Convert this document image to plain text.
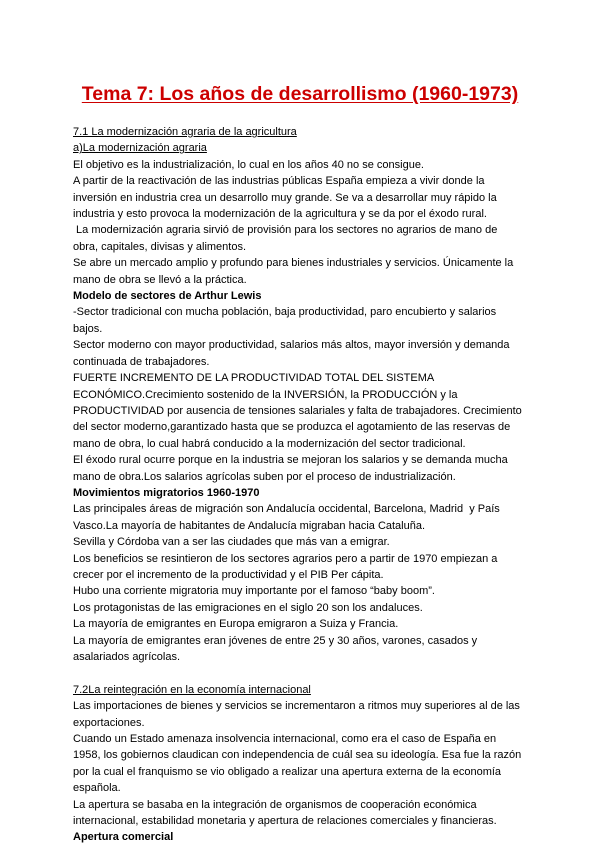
Tema 7: Los años de desarrollismo (1960-1973)

7.1 La modernización agraria de la agricultura

a)La modernización agraria

El objetivo es la industrialización, lo cual en los años 40 no se consigue.

A partir de la reactivación de las industrias públicas España empieza a vivir donde la

inversión en industria crea un desarrollo muy grande. Se va a desarrollar muy rápido la

industria y esto provoca la modernización de la agricultura y se da por el éxodo rural.

La modernización agraria sirvió de provisión para los sectores no agrarios de mano de

obra, capitales, divisas y alimentos.

Se abre un mercado amplio y profundo para bienes industriales y servicios. Únicamente la

mano de obra se llevó a la práctica.

Modelo de sectores de Arthur Lewis

-Sector tradicional con mucha población, baja productividad, paro encubierto y salarios

bajos.

Sector moderno con mayor productividad, salarios más altos, mayor inversión y demanda

continuada de trabajadores.

FUERTE INCREMENTO DE LA PRODUCTIVIDAD TOTAL DEL SISTEMA

ECONÓMICO.Crecimiento sostenido de la INVERSIÓN, la PRODUCCIÓN y la

PRODUCTIVIDAD por ausencia de tensiones salariales y falta de trabajadores. Crecimiento

del sector moderno,garantizado hasta que se produzca el agotamiento de las reservas de

mano de obra, lo cual habrá conducido a la modernización del sector tradicional.

El éxodo rural ocurre porque en la industria se mejoran los salarios y se demanda mucha

mano de obra.Los salarios agrícolas suben por el proceso de industrialización.

Movimientos migratorios 1960-1970

Las principales áreas de migración son Andalucía occidental, Barcelona, Madrid  y País

Vasco.La mayoría de habitantes de Andalucía migraban hacia Cataluña.

Sevilla y Córdoba van a ser las ciudades que más van a emigrar.

Los beneficios se resintieron de los sectores agrarios pero a partir de 1970 empiezan a

crecer por el incremento de la productividad y el PIB Per cápita.

Hubo una corriente migratoria muy importante por el famoso “baby boom”.

Los protagonistas de las emigraciones en el siglo 20 son los andaluces.

La mayoría de emigrantes en Europa emigraron a Suiza y Francia.

La mayoría de emigrantes eran jóvenes de entre 25 y 30 años, varones, casados y

asalariados agrícolas.

7.2La reintegración en la economía internacional

Las importaciones de bienes y servicios se incrementaron a ritmos muy superiores al de las

exportaciones.

Cuando un Estado amenaza insolvencia internacional, como era el caso de España en

1958, los gobiernos claudican con independencia de cuál sea su ideología. Esa fue la razón

por la cual el franquismo se vio obligado a realizar una apertura externa de la economía

española.

La apertura se basaba en la integración de organismos de cooperación económica

internacional, estabilidad monetaria y apertura de relaciones comerciales y financieras.

Apertura comercial
